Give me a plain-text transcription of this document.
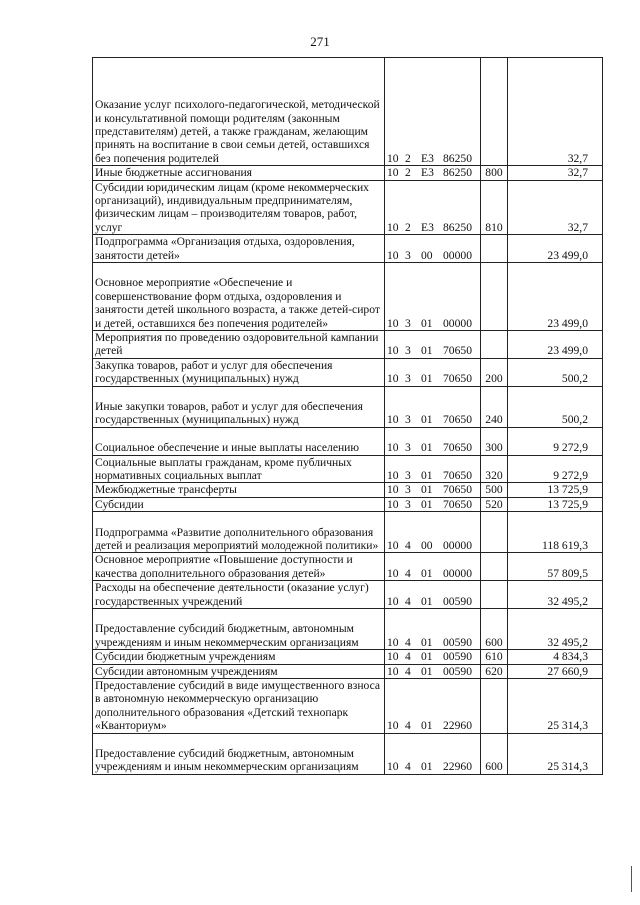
271
Оказание услуг психолого-педагогической, методической и консультативной помощи родителям (законным представителям) детей, а также гражданам, желающим принять на воспитание в свои семьи детей, оставшихся без попечения родителей	10 2 Е3 86250		32,7
Иные бюджетные ассигнования	10 2 Е3 86250	800	32,7
Субсидии юридическим лицам (кроме некоммерческих организаций), индивидуальным предпринимателям, физическим лицам – производителям товаров, работ, услуг	10 2 Е3 86250	810	32,7
Подпрограмма «Организация отдыха, оздоровления, занятости детей»	10 3 00 00000		23 499,0
Основное мероприятие «Обеспечение и совершенствование форм отдыха, оздоровления и занятости детей школьного возраста, а также детей-сирот и детей, оставшихся без попечения родителей»	10 3 01 00000		23 499,0
Мероприятия по проведению оздоровительной кампании детей	10 3 01 70650		23 499,0
Закупка товаров, работ и услуг для обеспечения государственных (муниципальных) нужд	10 3 01 70650	200	500,2
Иные закупки товаров, работ и услуг для обеспечения государственных (муниципальных) нужд	10 3 01 70650	240	500,2
Социальное обеспечение и иные выплаты населению	10 3 01 70650	300	9 272,9
Социальные выплаты гражданам, кроме публичных нормативных социальных выплат	10 3 01 70650	320	9 272,9
Межбюджетные трансферты	10 3 01 70650	500	13 725,9
Субсидии	10 3 01 70650	520	13 725,9
Подпрограмма «Развитие дополнительного образования детей и реализация мероприятий молодежной политики»	10 4 00 00000		118 619,3
Основное мероприятие «Повышение доступности и качества дополнительного образования детей»	10 4 01 00000		57 809,5
Расходы на обеспечение деятельности (оказание услуг) государственных учреждений	10 4 01 00590		32 495,2
Предоставление субсидий бюджетным, автономным учреждениям и иным некоммерческим организациям	10 4 01 00590	600	32 495,2
Субсидии бюджетным учреждениям	10 4 01 00590	610	4 834,3
Субсидии автономным учреждениям	10 4 01 00590	620	27 660,9
Предоставление субсидий в виде имущественного взноса в автономную некоммерческую организацию дополнительного образования «Детский технопарк «Кванториум»	10 4 01 22960		25 314,3
Предоставление субсидий бюджетным, автономным учреждениям и иным некоммерческим организациям	10 4 01 22960	600	25 314,3
